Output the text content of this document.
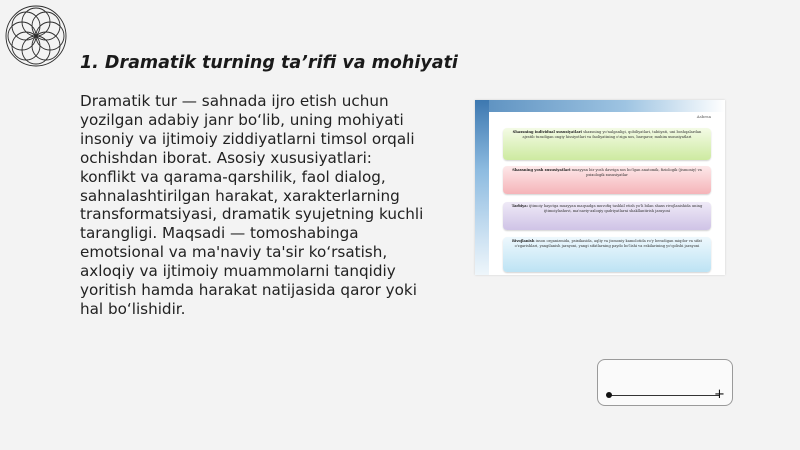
1. Dramatik turning ta’rifi va mohiyati
Dramatik tur — sahnada ijro etish uchun
yozilgan adabiy janr bo‘lib, uning mohiyati
insoniy va ijtimoiy ziddiyatlarni timsol orqali
ochishdan iborat. Asosiy xususiyatlari:
konflikt va qarama-qarshilik, faol dialog,
sahnalashtirilgan harakat, xarakterlarning
transformatsiyasi, dramatik syujetning kuchli
tarangligi. Maqsadi — tomoshabinga
emotsional va ma'naviy ta'sir ko‘rsatish,
axloqiy va ijtimoiy muammolarni tanqidiy
yoritish hamda harakat natijasida qaror yoki
hal bo‘lishidir.
Asbesa
Shaxsning individual xususiyatlari shaxsning yo'nalganligi, qobiliyatlari, tabiiyati, uni boshqalardan ajratib turadigan ongiy hissiyotlari va faoliyatining o'ziga xos, barqaror, muhim xususiyatlari
Shaxsning yosh xususiyatlari muayyan bir yosh davriga xos bo'lgan anatomik, fiziologik (jismoniy) va psixologik xususiyatlar
Tarbiya: ijtimoiy hayotga muayyan maqsadga muvofiq tashkil etish yo'li bilan shaxs rivojlanishida uning ijtimoiylashuvi, ma'naviy-axloqiy qadriyatlarni shakllantirish jarayoni
Rivojlanish inson organizmida, psixikasida, aqliy va jismoniy kamolotida ro'y beradigan miqdor va sifat o'zgarishlari, yangilanish jarayoni, yangi sifatlarning paydo bo'lishi va eskilarining yo'qolishi jarayoni
+
